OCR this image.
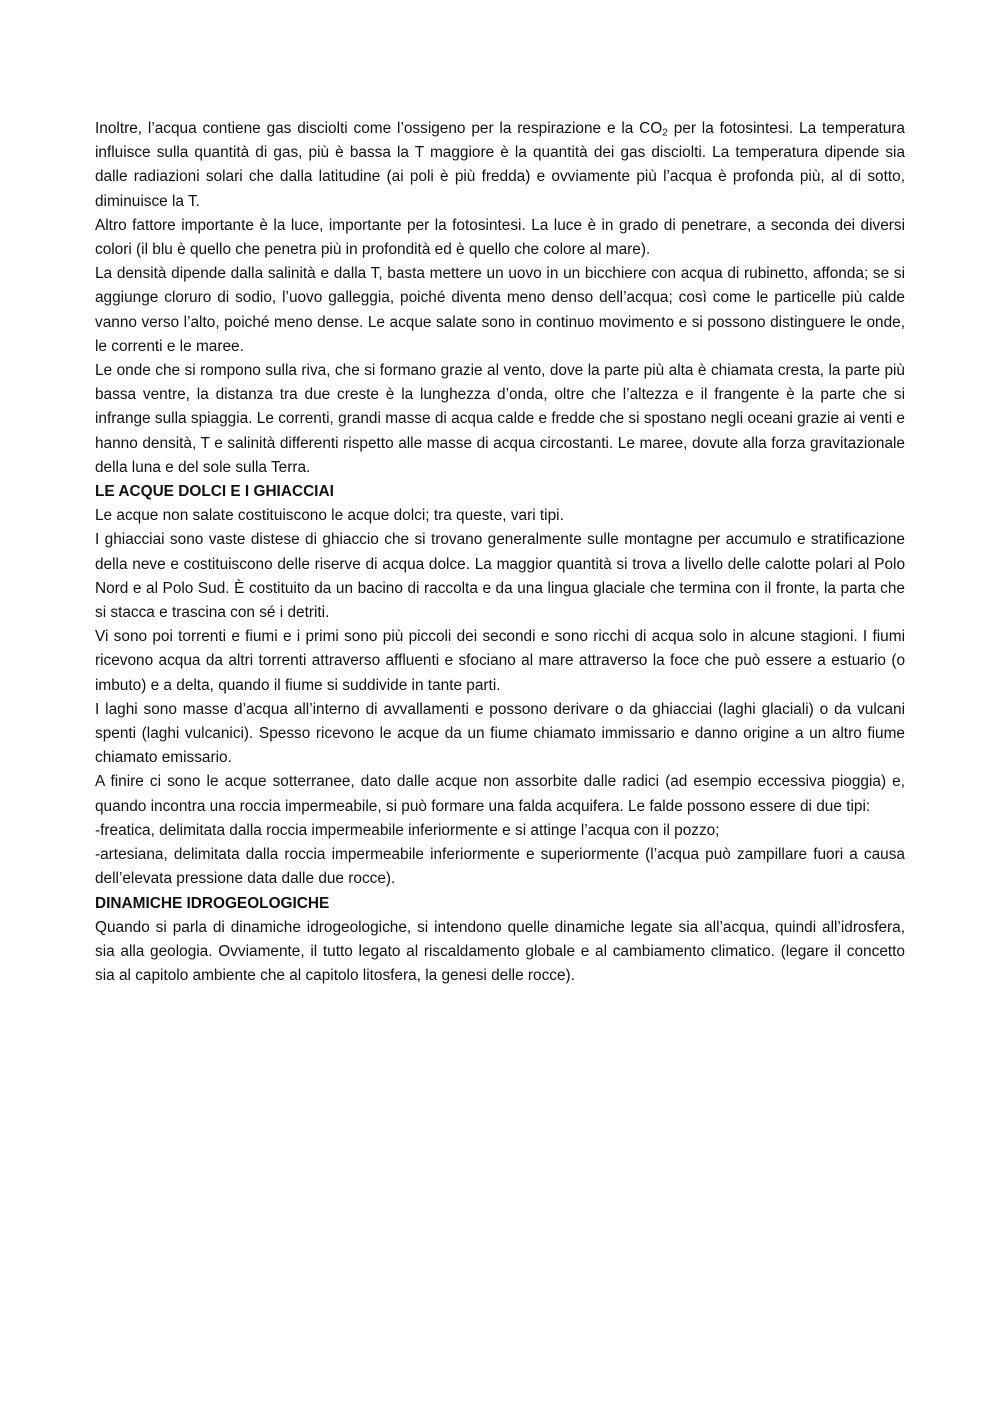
Inoltre, l’acqua contiene gas disciolti come l’ossigeno per la respirazione e la $CO_2$ per la fotosintesi. La temperatura influisce sulla quantità di gas, più è bassa la T maggiore è la quantità dei gas disciolti. La temperatura dipende sia dalle radiazioni solari che dalla latitudine (ai poli è più fredda) e ovviamente più l’acqua è profonda più, al di sotto, diminuisce la T.

Altro fattore importante è la luce, importante per la fotosintesi. La luce è in grado di penetrare, a seconda dei diversi colori (il blu è quello che penetra più in profondità ed è quello che colore al mare).

La densità dipende dalla salinità e dalla T, basta mettere un uovo in un bicchiere con acqua di rubinetto, affonda; se si aggiunge cloruro di sodio, l’uovo galleggia, poiché diventa meno denso dell’acqua; così come le particelle più calde vanno verso l’alto, poiché meno dense. Le acque salate sono in continuo movimento e si possono distinguere le onde, le correnti e le maree.

Le onde che si rompono sulla riva, che si formano grazie al vento, dove la parte più alta è chiamata cresta, la parte più bassa ventre, la distanza tra due creste è la lunghezza d’onda, oltre che l’altezza e il frangente è la parte che si infrange sulla spiaggia. Le correnti, grandi masse di acqua calde e fredde che si spostano negli oceani grazie ai venti e hanno densità, T e salinità differenti rispetto alle masse di acqua circostanti. Le maree, dovute alla forza gravitazionale della luna e del sole sulla Terra.

LE ACQUE DOLCI E I GHIACCIAI

Le acque non salate costituiscono le acque dolci; tra queste, vari tipi.

I ghiacciai sono vaste distese di ghiaccio che si trovano generalmente sulle montagne per accumulo e stratificazione della neve e costituiscono delle riserve di acqua dolce. La maggior quantità si trova a livello delle calotte polari al Polo Nord e al Polo Sud. È costituito da un bacino di raccolta e da una lingua glaciale che termina con il fronte, la parta che si stacca e trascina con sé i detriti.

Vi sono poi torrenti e fiumi e i primi sono più piccoli dei secondi e sono ricchi di acqua solo in alcune stagioni. I fiumi ricevono acqua da altri torrenti attraverso affluenti e sfociano al mare attraverso la foce che può essere a estuario (o imbuto) e a delta, quando il fiume si suddivide in tante parti.

I laghi sono masse d’acqua all’interno di avvallamenti e possono derivare o da ghiacciai (laghi glaciali) o da vulcani spenti (laghi vulcanici). Spesso ricevono le acque da un fiume chiamato immissario e danno origine a un altro fiume chiamato emissario.

A finire ci sono le acque sotterranee, dato dalle acque non assorbite dalle radici (ad esempio eccessiva pioggia) e, quando incontra una roccia impermeabile, si può formare una falda acquifera. Le falde possono essere di due tipi:

-freatica, delimitata dalla roccia impermeabile inferiormente e si attinge l’acqua con il pozzo;

-artesiana, delimitata dalla roccia impermeabile inferiormente e superiormente (l’acqua può zampillare fuori a causa dell’elevata pressione data dalle due rocce).

DINAMICHE IDROGEOLOGICHE

Quando si parla di dinamiche idrogeologiche, si intendono quelle dinamiche legate sia all’acqua, quindi all’idrosfera, sia alla geologia. Ovviamente, il tutto legato al riscaldamento globale e al cambiamento climatico. (legare il concetto sia al capitolo ambiente che al capitolo litosfera, la genesi delle rocce).
